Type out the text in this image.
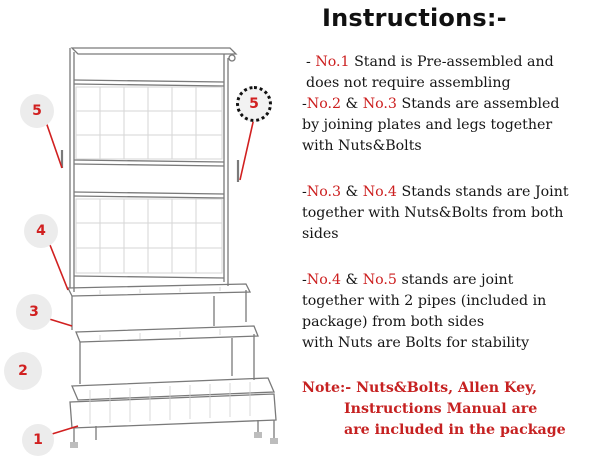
5	5
4
3
2
1
Instructions:-
- No.1 Stand is Pre-assembled and
does not require assembling
-No.2 & No.3 Stands are assembled
by joining plates and legs together
with Nuts&Bolts
-No.3 & No.4 Stands stands are Joint
together with Nuts&Bolts from both
sides
-No.4 & No.5 stands are joint
together with 2 pipes (included in
package) from both sides
with Nuts are Bolts for stability
Note:- Nuts&Bolts, Allen Key,
Instructions Manual are
are included in the package
